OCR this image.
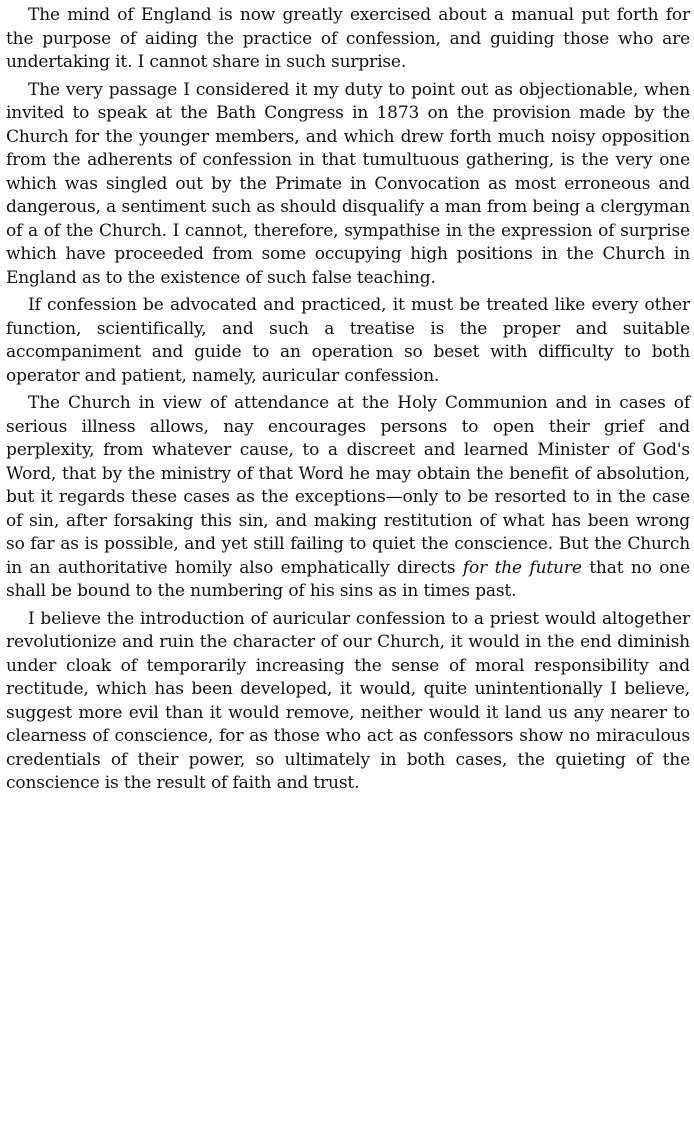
The mind of England is now greatly exercised about a manual put forth for the purpose of aiding the practice of confession, and guiding those who are undertaking it. I cannot share in such surprise.

The very passage I considered it my duty to point out as objectionable, when invited to speak at the Bath Congress in 1873 on the provision made by the Church for the younger members, and which drew forth much noisy opposition from the adherents of confession in that tumultuous gathering, is the very one which was singled out by the Primate in Convocation as most erroneous and dangerous, a sentiment such as should disqualify a man from being a clergyman of a of the Church. I cannot, therefore, sympathise in the expression of surprise which have proceeded from some occupying high positions in the Church in England as to the existence of such false teaching.

If confession be advocated and practiced, it must be treated like every other function, scientifically, and such a treatise is the proper and suitable accompaniment and guide to an operation so beset with difficulty to both operator and patient, namely, auricular confession.

The Church in view of attendance at the Holy Communion and in cases of serious illness allows, nay encourages persons to open their grief and perplexity, from whatever cause, to a discreet and learned Minister of God's Word, that by the ministry of that Word he may obtain the benefit of absolution, but it regards these cases as the exceptions—only to be resorted to in the case of sin, after forsaking this sin, and making restitution of what has been wrong so far as is possible, and yet still failing to quiet the conscience. But the Church in an authoritative homily also emphatically directs for the future that no one shall be bound to the numbering of his sins as in times past.

I believe the introduction of auricular confession to a priest would altogether revolutionize and ruin the character of our Church, it would in the end diminish under cloak of temporarily increasing the sense of moral responsibility and rectitude, which has been developed, it would, quite unintentionally I believe, suggest more evil than it would remove, neither would it land us any nearer to clearness of conscience, for as those who act as confessors show no miraculous credentials of their power, so ultimately in both cases, the quieting of the conscience is the result of faith and trust.
